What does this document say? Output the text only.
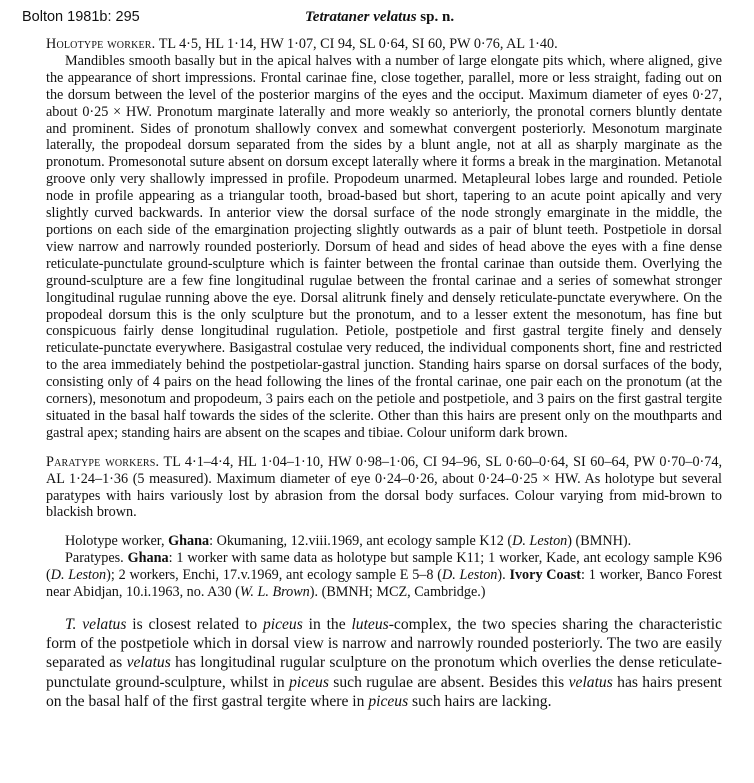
Bolton 1981b: 295	Tetrataner velatus sp. n.

Holotype worker. TL 4·5, HL 1·14, HW 1·07, CI 94, SL 0·64, SI 60, PW 0·76, AL 1·40.

Mandibles smooth basally but in the apical halves with a number of large elongate pits which, where aligned, give the appearance of short impressions. Frontal carinae fine, close together, parallel, more or less straight, fading out on the dorsum between the level of the posterior margins of the eyes and the occiput. Maximum diameter of eyes 0·27, about 0·25 × HW. Pronotum marginate laterally and more weakly so anteriorly, the pronotal corners bluntly dentate and prominent. Sides of pronotum shallowly convex and somewhat convergent posteriorly. Mesonotum marginate laterally, the propodeal dorsum separated from the sides by a blunt angle, not at all as sharply marginate as the pronotum. Promesonotal suture absent on dorsum except laterally where it forms a break in the margination. Metanotal groove only very shallowly impressed in profile. Propodeum unarmed. Metapleural lobes large and rounded. Petiole node in profile appearing as a triangular tooth, broad-based but short, tapering to an acute point apically and very slightly curved backwards. In anterior view the dorsal surface of the node strongly emarginate in the middle, the portions on each side of the emargination projecting slightly outwards as a pair of blunt teeth. Postpetiole in dorsal view narrow and narrowly rounded posteriorly. Dorsum of head and sides of head above the eyes with a fine dense reticulate-punctulate ground-sculpture which is fainter between the frontal carinae than outside them. Overlying the ground-sculpture are a few fine longitudinal rugulae between the frontal carinae and a series of somewhat stronger longitudinal rugulae running above the eye. Dorsal alitrunk finely and densely reticulate-punctate everywhere. On the propodeal dorsum this is the only sculpture but the pronotum, and to a lesser extent the mesonotum, has fine but conspicuous fairly dense longitudinal rugulation. Petiole, postpetiole and first gastral tergite finely and densely reticulate-punctate everywhere. Basigastral costulae very reduced, the individual components short, fine and restricted to the area immediately behind the postpetiolar-gastral junction. Standing hairs sparse on dorsal surfaces of the body, consisting only of 4 pairs on the head following the lines of the frontal carinae, one pair each on the pronotum (at the corners), mesonotum and propodeum, 3 pairs each on the petiole and postpetiole, and 3 pairs on the first gastral tergite situated in the basal half towards the sides of the sclerite. Other than this hairs are present only on the mouthparts and gastral apex; standing hairs are absent on the scapes and tibiae. Colour uniform dark brown.

Paratype workers. TL 4·1–4·4, HL 1·04–1·10, HW 0·98–1·06, CI 94–96, SL 0·60–0·64, SI 60–64, PW 0·70–0·74, AL 1·24–1·36 (5 measured). Maximum diameter of eye 0·24–0·26, about 0·24–0·25 × HW. As holotype but several paratypes with hairs variously lost by abrasion from the dorsal body surfaces. Colour varying from mid-brown to blackish brown.

Holotype worker, Ghana: Okumaning, 12.viii.1969, ant ecology sample K12 (D. Leston) (BMNH).

Paratypes. Ghana: 1 worker with same data as holotype but sample K11; 1 worker, Kade, ant ecology sample K96 (D. Leston); 2 workers, Enchi, 17.v.1969, ant ecology sample E 5–8 (D. Leston). Ivory Coast: 1 worker, Banco Forest near Abidjan, 10.i.1963, no. A30 (W. L. Brown). (BMNH; MCZ, Cambridge.)

T. velatus is closest related to piceus in the luteus-complex, the two species sharing the characteristic form of the postpetiole which in dorsal view is narrow and narrowly rounded posteriorly. The two are easily separated as velatus has longitudinal rugular sculpture on the pronotum which overlies the dense reticulate-punctulate ground-sculpture, whilst in piceus such rugulae are absent. Besides this velatus has hairs present on the basal half of the first gastral tergite where in piceus such hairs are lacking.
